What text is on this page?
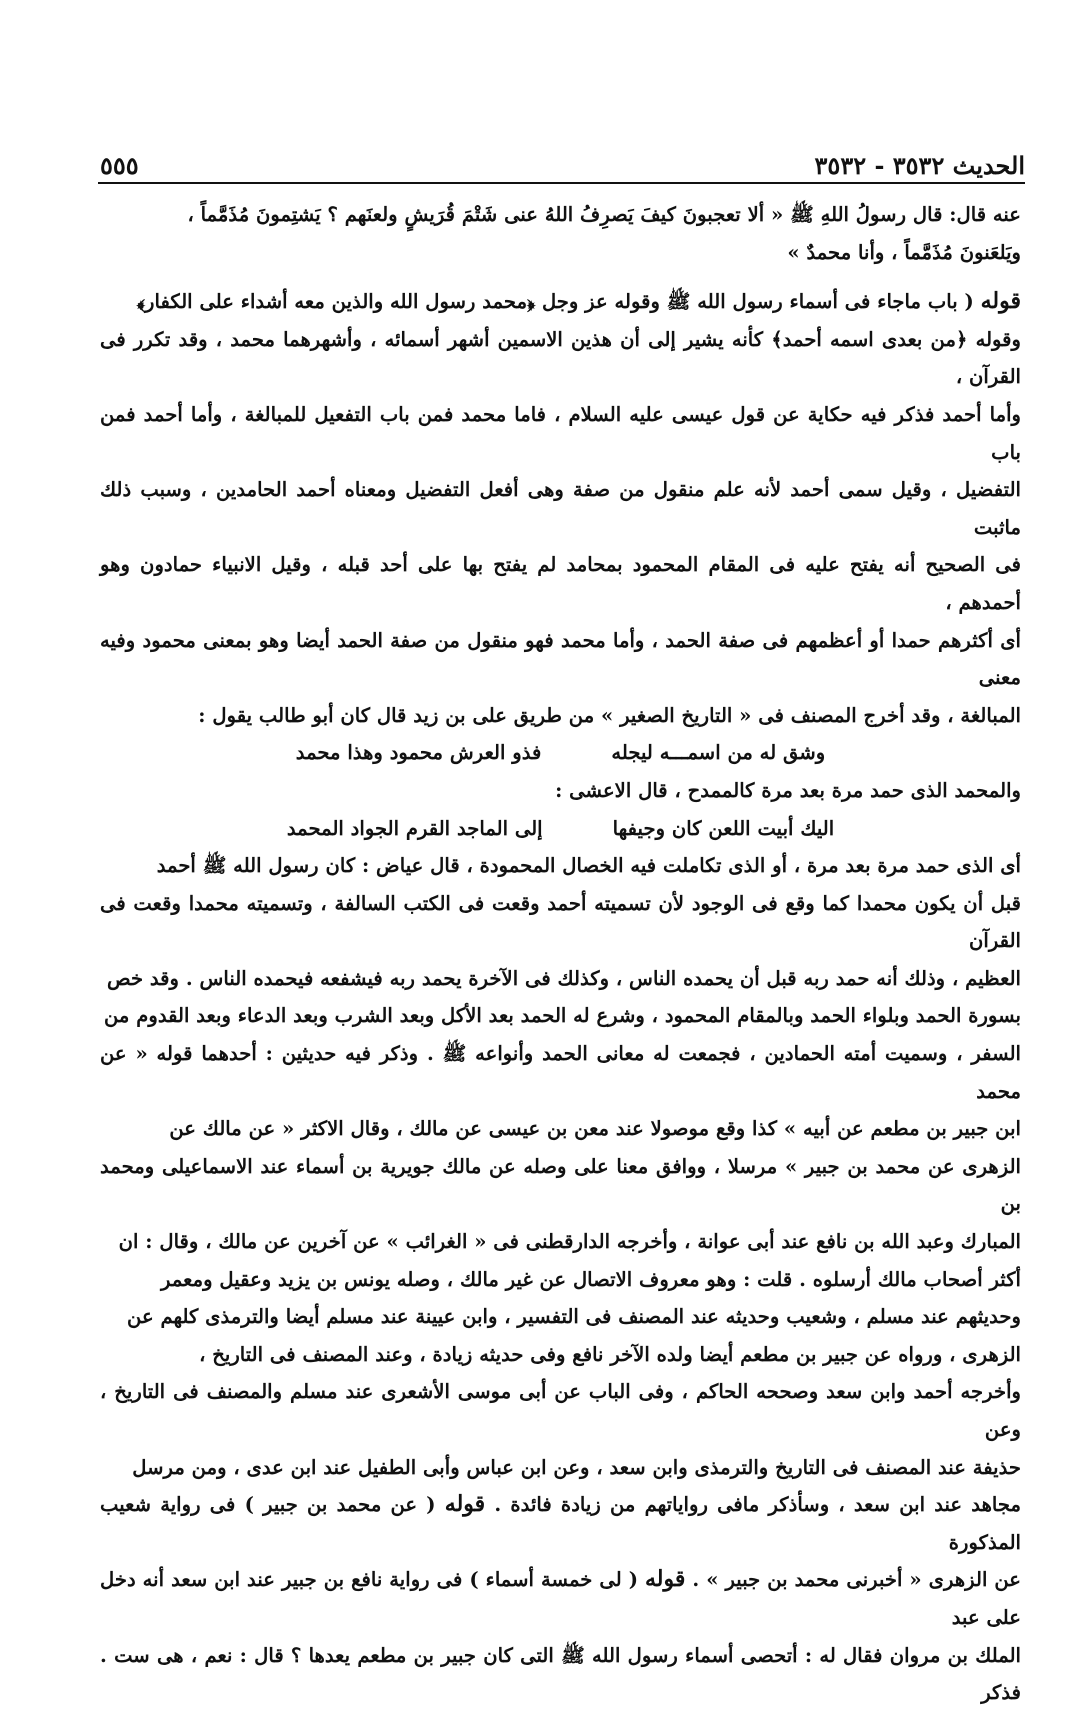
٥٥٥	الحديث ٣٥٣٢ - ٣٥٣٢

عنه قال: قال رسولُ اللهِ ﷺ « ألا تعجبونَ كيفَ يَصرِفُ اللهُ عنى شَتْمَ قُرَيشٍ ولعنَهم ؟ يَشتِمونَ مُذَمَّماً ،

ويَلعَنونَ مُذَمَّماً ، وأنا محمدٌ »

قوله ( باب ماجاء فى أسماء رسول الله ﷺ وقوله عز وجل ﴿محمد رسول الله والذين معه أشداء على الكفار﴾

وقوله ﴿من بعدى اسمه أحمد﴾ كأنه يشير إلى أن هذين الاسمين أشهر أسمائه ، وأشهرهما محمد ، وقد تكرر فى القرآن ،

وأما أحمد فذكر فيه حكاية عن قول عيسى عليه السلام ، فاما محمد فمن باب التفعيل للمبالغة ، وأما أحمد فمن باب

التفضيل ، وقيل سمى أحمد لأنه علم منقول من صفة وهى أفعل التفضيل ومعناه أحمد الحامدين ، وسبب ذلك ماثبت

فى الصحيح أنه يفتح عليه فى المقام المحمود بمحامد لم يفتح بها على أحد قبله ، وقيل الانبياء حمادون وهو أحمدهم ،

أى أكثرهم حمدا أو أعظمهم فى صفة الحمد ، وأما محمد فهو منقول من صفة الحمد أيضا وهو بمعنى محمود وفيه معنى

المبالغة ، وقد أخرج المصنف فى « التاريخ الصغير » من طريق على بن زيد قال كان أبو طالب يقول :

وشق له من اسمـــه ليجله
فذو العرش محمود وهذا محمد

والمحمد الذى حمد مرة بعد مرة كالممدح ، قال الاعشى :

اليك أبيت اللعن كان وجيفها
إلى الماجد القرم الجواد المحمد

أى الذى حمد مرة بعد مرة ، أو الذى تكاملت فيه الخصال المحمودة ، قال عياض : كان رسول الله ﷺ أحمد

قبل أن يكون محمدا كما وقع فى الوجود لأن تسميته أحمد وقعت فى الكتب السالفة ، وتسميته محمدا وقعت فى القرآن

العظيم ، وذلك أنه حمد ربه قبل أن يحمده الناس ، وكذلك فى الآخرة يحمد ربه فيشفعه فيحمده الناس . وقد خص

بسورة الحمد وبلواء الحمد وبالمقام المحمود ، وشرع له الحمد بعد الأكل وبعد الشرب وبعد الدعاء وبعد القدوم من

السفر ، وسميت أمته الحمادين ، فجمعت له معانى الحمد وأنواعه ﷺ . وذكر فيه حديثين : أحدهما قوله « عن محمد

ابن جبير بن مطعم عن أبيه » كذا وقع موصولا عند معن بن عيسى عن مالك ، وقال الاكثر « عن مالك عن

الزهرى عن محمد بن جبير » مرسلا ، ووافق معنا على وصله عن مالك جويرية بن أسماء عند الاسماعيلى ومحمد بن

المبارك وعبد الله بن نافع عند أبى عوانة ، وأخرجه الدارقطنى فى « الغرائب » عن آخرين عن مالك ، وقال : ان

أكثر أصحاب مالك أرسلوه . قلت : وهو معروف الاتصال عن غير مالك ، وصله يونس بن يزيد وعقيل ومعمر

وحديثهم عند مسلم ، وشعيب وحديثه عند المصنف فى التفسير ، وابن عيينة عند مسلم أيضا والترمذى كلهم عن

الزهرى ، ورواه عن جبير بن مطعم أيضا ولده الآخر نافع وفى حديثه زيادة ، وعند المصنف فى التاريخ ،

وأخرجه أحمد وابن سعد وصححه الحاكم ، وفى الباب عن أبى موسى الأشعرى عند مسلم والمصنف فى التاريخ ، وعن

حذيفة عند المصنف فى التاريخ والترمذى وابن سعد ، وعن ابن عباس وأبى الطفيل عند ابن عدى ، ومن مرسل

مجاهد عند ابن سعد ، وسأذكر مافى رواياتهم من زيادة فائدة . قوله ( عن محمد بن جبير ) فى رواية شعيب المذكورة

عن الزهرى « أخبرنى محمد بن جبير » . قوله ( لى خمسة أسماء ) فى رواية نافع بن جبير عند ابن سعد أنه دخل على عبد

الملك بن مروان فقال له : أتحصى أسماء رسول الله ﷺ التى كان جبير بن مطعم يعدها ؟ قال : نعم ، هى ست . فذكر
